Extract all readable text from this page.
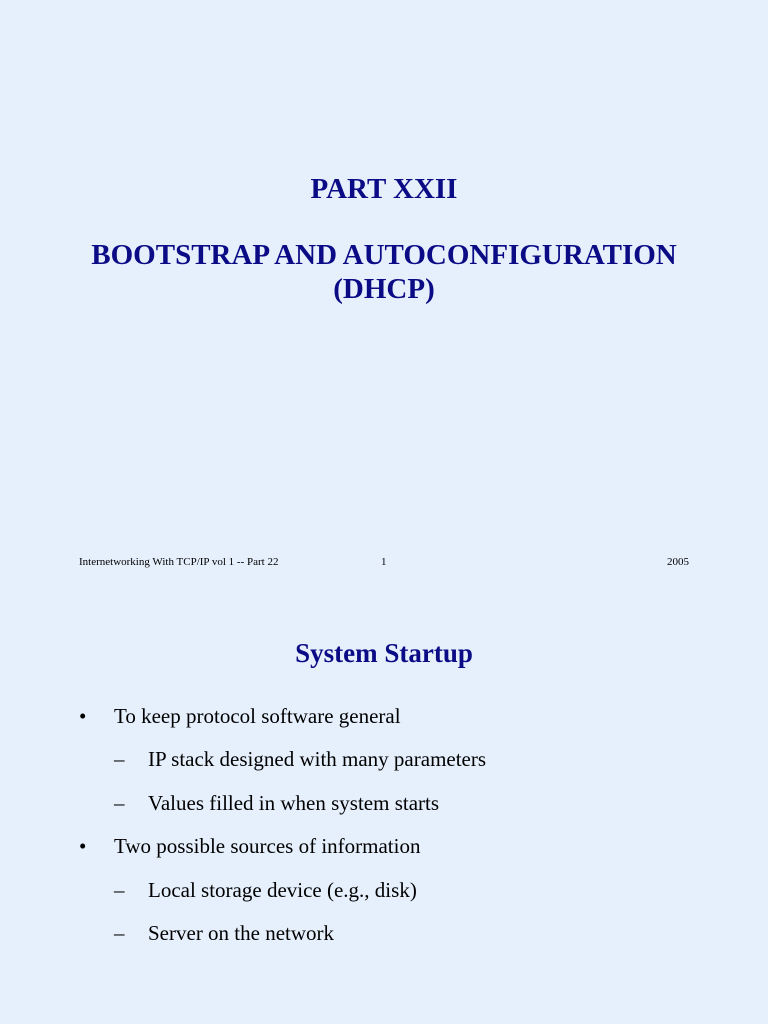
PART XXII
BOOTSTRAP AND AUTOCONFIGURATION
(DHCP)
Internetworking With TCP/IP vol 1 -- Part 22	1	2005
System Startup
• To keep protocol software general
– IP stack designed with many parameters
– Values filled in when system starts
• Two possible sources of information
– Local storage device (e.g., disk)
– Server on the network
